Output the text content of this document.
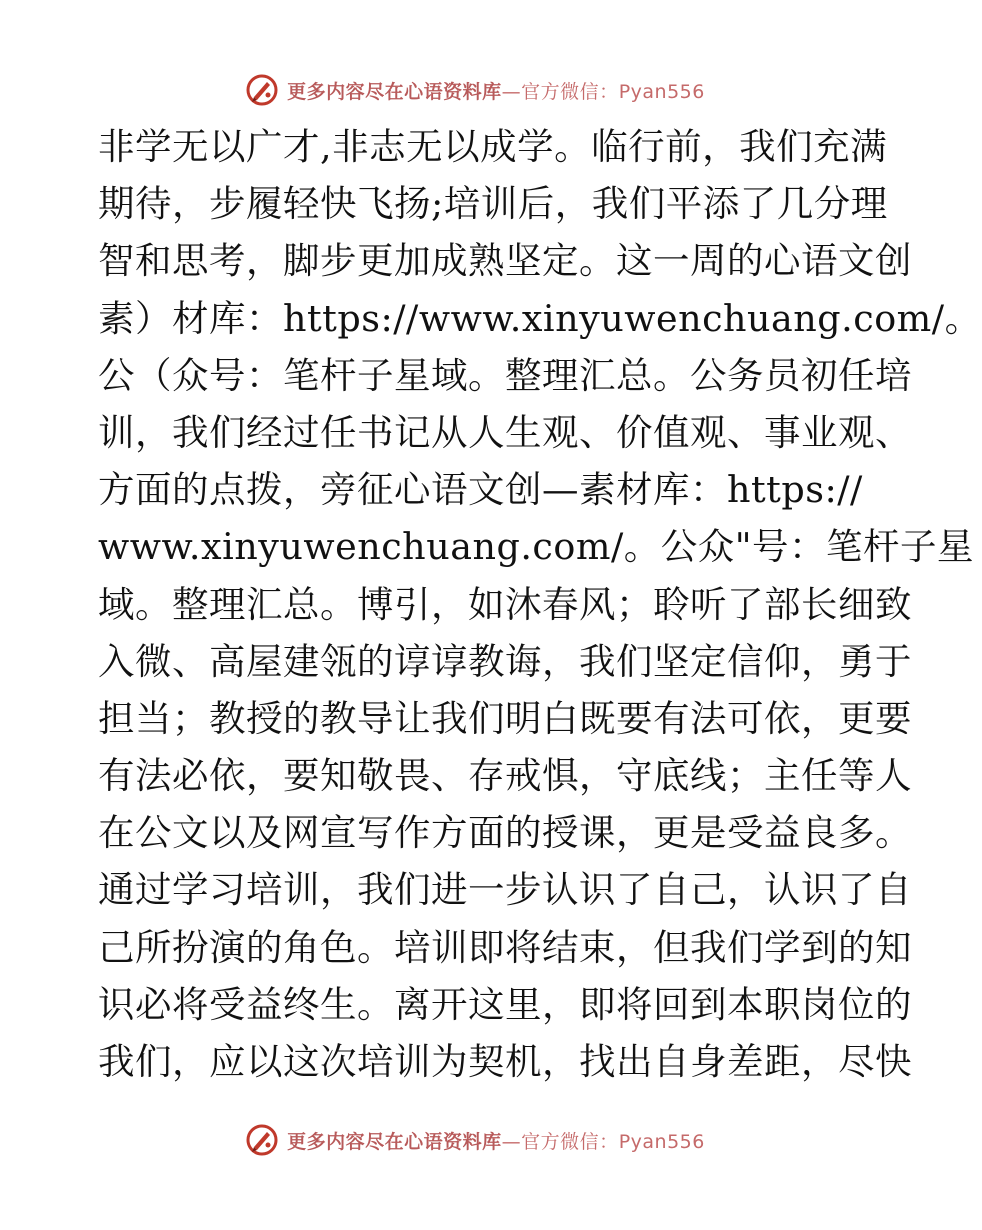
更多内容尽在心语资料库—官方微信：Pyan556
非学无以广才,非志无以成学。临行前，我们充满
期待，步履轻快飞扬;培训后，我们平添了几分理
智和思考，脚步更加成熟坚定。这一周的心语文创
素）材库：https://www.xinyuwenchuang.com/。
公（众号：笔杆子星域。整理汇总。公务员初任培
训，我们经过任书记从人生观、价值观、事业观、
方面的点拨，旁征心语文创—素材库：https://
www.xinyuwenchuang.com/。公众"号：笔杆子星
域。整理汇总。博引，如沐春风；聆听了部长细致
入微、高屋建瓴的谆谆教诲，我们坚定信仰，勇于
担当；教授的教导让我们明白既要有法可依，更要
有法必依，要知敬畏、存戒惧，守底线；主任等人
在公文以及网宣写作方面的授课，更是受益良多。
通过学习培训，我们进一步认识了自己，认识了自
己所扮演的角色。培训即将结束，但我们学到的知
识必将受益终生。离开这里，即将回到本职岗位的
我们，应以这次培训为契机，找出自身差距，尽快
更多内容尽在心语资料库—官方微信：Pyan556
